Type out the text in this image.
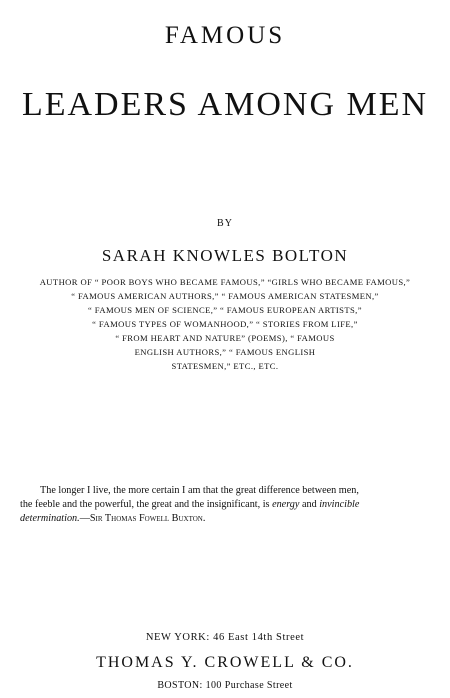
FAMOUS
LEADERS AMONG MEN
BY
SARAH KNOWLES BOLTON
AUTHOR OF “ POOR BOYS WHO BECAME FAMOUS,” “GIRLS WHO BECAME FAMOUS,”
“ FAMOUS AMERICAN AUTHORS,” “ FAMOUS AMERICAN STATESMEN,”
“ FAMOUS MEN OF SCIENCE,” “ FAMOUS EUROPEAN ARTISTS,”
“ FAMOUS TYPES OF WOMANHOOD,” “ STORIES FROM LIFE,”
“ FROM HEART AND NATURE” (POEMS), “ FAMOUS
ENGLISH AUTHORS,” “ FAMOUS ENGLISH
STATESMEN,” ETC., ETC.

The longer I live, the more certain I am that the great difference between men,

the feeble and the powerful, the great and the insignificant, is energy and invincible

determination.—Sir Thomas Fowell Buxton.

NEW YORK: 46 East 14th Street
THOMAS Y. CROWELL & CO.
BOSTON: 100 Purchase Street
